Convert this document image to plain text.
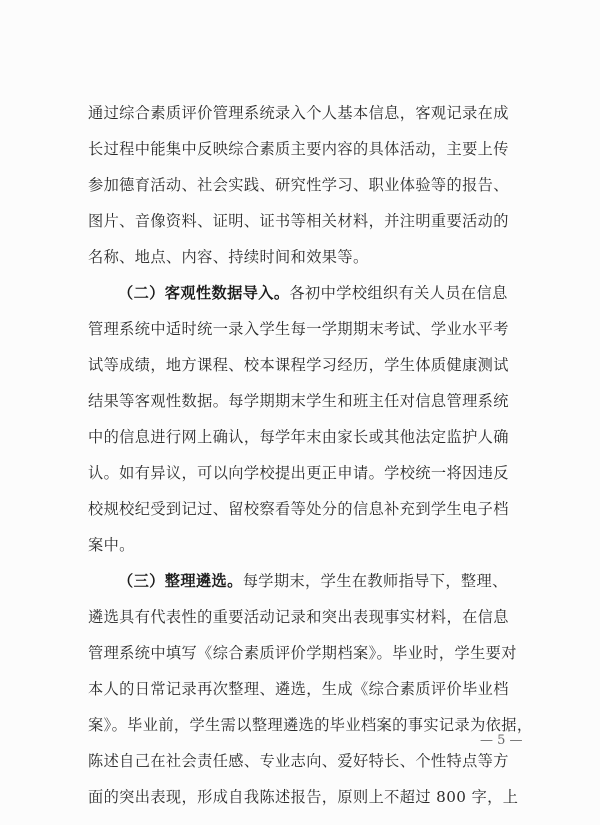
通过综合素质评价管理系统录入个人基本信息，客观记录在成
长过程中能集中反映综合素质主要内容的具体活动，主要上传
参加德育活动、社会实践、研究性学习、职业体验等的报告、
图片、音像资料、证明、证书等相关材料，并注明重要活动的
名称、地点、内容、持续时间和效果等。
（二）客观性数据导入。各初中学校组织有关人员在信息
管理系统中适时统一录入学生每一学期期末考试、学业水平考
试等成绩，地方课程、校本课程学习经历，学生体质健康测试
结果等客观性数据。每学期期末学生和班主任对信息管理系统
中的信息进行网上确认，每学年末由家长或其他法定监护人确
认。如有异议，可以向学校提出更正申请。学校统一将因违反
校规校纪受到记过、留校察看等处分的信息补充到学生电子档
案中。
（三）整理遴选。每学期末，学生在教师指导下，整理、
遴选具有代表性的重要活动记录和突出表现事实材料，在信息
管理系统中填写《综合素质评价学期档案》。毕业时，学生要对
本人的日常记录再次整理、遴选，生成《综合素质评价毕业档
案》。毕业前，学生需以整理遴选的毕业档案的事实记录为依据，
陈述自己在社会责任感、专业志向、爱好特长、个性特点等方
面的突出表现，形成自我陈述报告，原则上不超过 800 字，上
— 5 —
